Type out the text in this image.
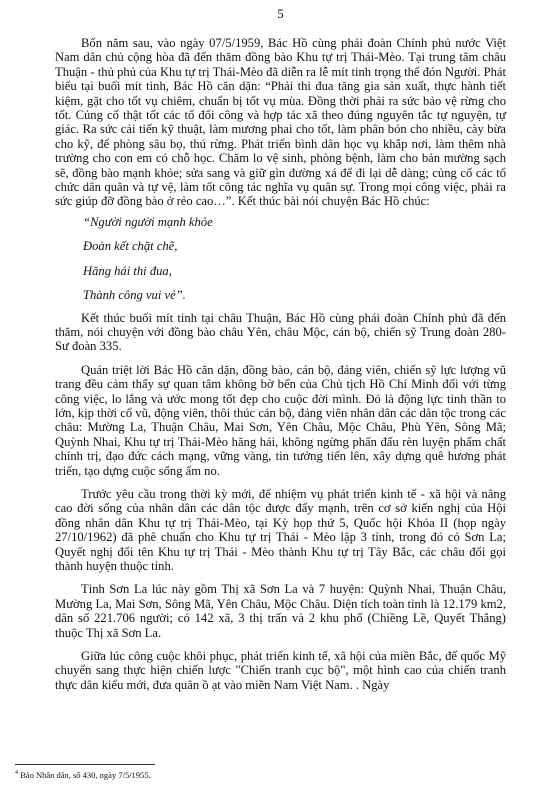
5

Bốn năm sau, vào ngày 07/5/1959, Bác Hồ cùng phái đoàn Chính phủ nước Việt Nam dân chủ cộng hòa đã đến thăm đồng bào Khu tự trị Thái-Mèo. Tại trung tâm châu Thuận - thủ phủ của Khu tự trị Thái-Mèo đã diễn ra lễ mít tinh trọng thể đón Người. Phát biểu tại buổi mít tinh, Bác Hồ căn dặn: “Phải thi đua tăng gia sản xuất, thực hành tiết kiệm, gặt cho tốt vụ chiêm, chuẩn bị tốt vụ mùa. Đồng thời phải ra sức bảo vệ rừng cho tốt. Củng cố thật tốt các tổ đổi công và hợp tác xã theo đúng nguyên tắc tự nguyện, tự giác. Ra sức cải tiến kỹ thuật, làm mương phai cho tốt, làm phân bón cho nhiều, cày bừa cho kỹ, để phòng sâu bọ, thú rừng. Phát triển bình dân học vụ khắp nơi, làm thêm nhà trường cho con em có chỗ học. Chăm lo vệ sinh, phòng bệnh, làm cho bản mường sạch sẽ, đồng bào mạnh khỏe; sửa sang và giữ gìn đường xá để đi lại dễ dàng; củng cố các tổ chức dân quân và tự vệ, làm tốt công tác nghĩa vụ quân sự. Trong mọi công việc, phải ra sức giúp đỡ đồng bào ở rẻo cao…”. Kết thúc bài nói chuyện Bác Hồ chúc:

“Người người mạnh khỏe

Đoàn kết chặt chẽ,

Hăng hái thi đua,

Thành công vui vẻ”.

Kết thúc buổi mít tinh tại châu Thuận, Bác Hồ cùng phái đoàn Chính phủ đã đến thăm, nói chuyện với đồng bào châu Yên, châu Mộc, cán bộ, chiến sỹ Trung đoàn 280-Sư đoàn 335.

Quán triệt lời Bác Hồ căn dặn, đồng bào, cán bộ, đảng viên, chiến sỹ lực lượng vũ trang đều cảm thấy sự quan tâm không bờ bến của Chủ tịch Hồ Chí Minh đối với từng công việc, lo lắng và ước mong tốt đẹp cho cuộc đời mình. Đó là động lực tinh thần to lớn, kịp thời cổ vũ, động viên, thôi thúc cán bộ, đảng viên nhân dân các dân tộc trong các châu: Mường La, Thuận Châu, Mai Sơn, Yên Châu, Mộc Châu, Phù Yên, Sông Mã; Quỳnh Nhai, Khu tự trị Thái-Mèo hăng hái, không ngừng phấn đấu rèn luyện phẩm chất chính trị, đạo đức cách mạng, vững vàng, tin tưởng tiến lên, xây dựng quê hương phát triển, tạo dựng cuộc sống ấm no.

Trước yêu cầu trong thời kỳ mới, để nhiệm vụ phát triển kinh tế - xã hội và nâng cao đời sống của nhân dân các dân tộc được đẩy mạnh, trên cơ sở kiến nghị của Hội đồng nhân dân Khu tự trị Thái-Mèo, tại Kỳ họp thứ 5, Quốc hội Khóa II (họp ngày 27/10/1962) đã phê chuẩn cho Khu tự trị Thái - Mèo lập 3 tỉnh, trong đó có Sơn La; Quyết nghị đổi tên Khu tự trị Thái - Mèo thành Khu tự trị Tây Bắc, các châu đổi gọi thành huyện thuộc tỉnh.

Tỉnh Sơn La lúc này gồm Thị xã Sơn La và 7 huyện: Quỳnh Nhai, Thuận Châu, Mường La, Mai Sơn, Sông Mã, Yên Châu, Mộc Châu. Diện tích toàn tỉnh là 12.179 km2, dân số 221.706 người; có 142 xã, 3 thị trấn và 2 khu phố (Chiềng Lề, Quyết Thắng) thuộc Thị xã Sơn La.

Giữa lúc công cuộc khôi phục, phát triển kinh tế, xã hội của miền Bắc, đế quốc Mỹ chuyển sang thực hiện chiến lược "Chiến tranh cục bộ", một hình cao của chiến tranh thực dân kiểu mới, đưa quân ồ ạt vào miền Nam Việt Nam. . Ngày

$^4$ Báo Nhân dân, số 430, ngày 7/5/1955.
